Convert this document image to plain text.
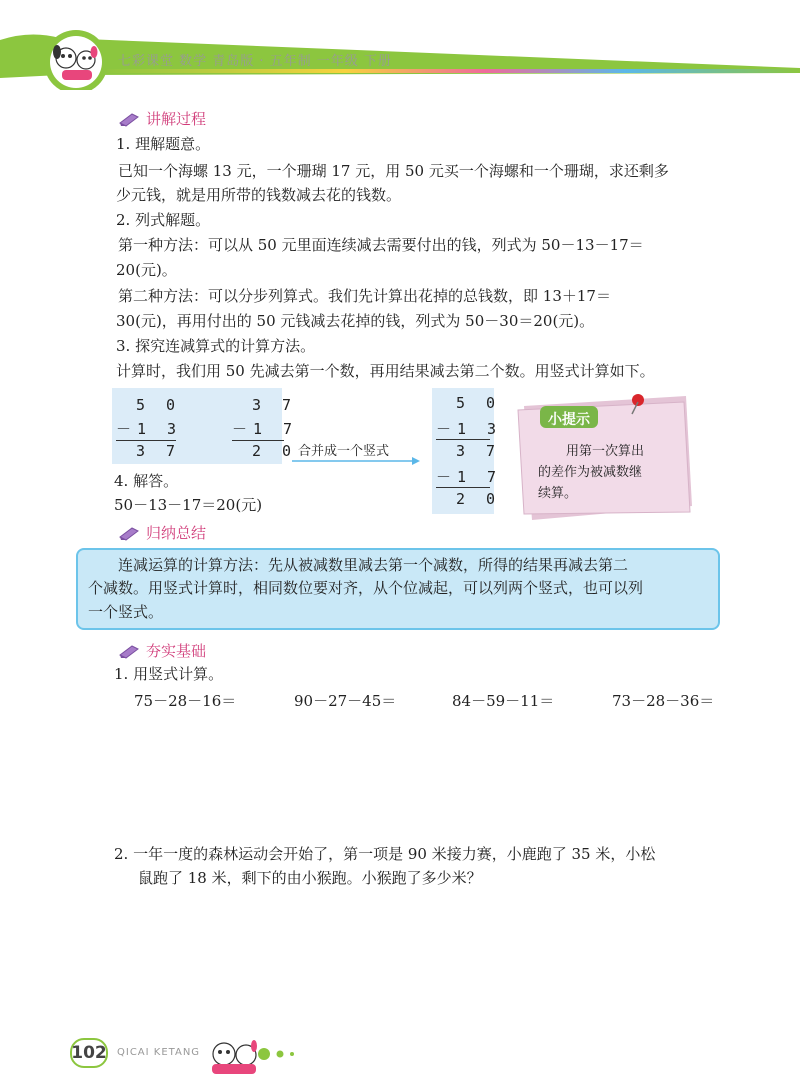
七彩课堂 数学 青岛版 · 五年制 一年级 下册
讲解过程
1. 理解题意。
已知一个海螺 13 元，一个珊瑚 17 元，用 50 元买一个海螺和一个珊瑚，求还剩多
少元钱，就是用所带的钱数减去花的钱数。
2. 列式解题。
第一种方法：可以从 50 元里面连续减去需要付出的钱，列式为 50－13－17＝
20(元)。
第二种方法：可以分步列算式。我们先计算出花掉的总钱数，即 13＋17＝
30(元)，再用付出的 50 元钱减去花掉的钱，列式为 50－30＝20(元)。
3. 探究连减算式的计算方法。
计算时，我们用 50 先减去第一个数，再用结果减去第二个数。用竖式计算如下。
5 0
－1 3
3 7
3 7
－1 7
2 0 合并成一个竖式
5 0
－1 3
3 7
－1 7
2 0
小提示
用第一次算出
的差作为被减数继
续算。
4. 解答。
50－13－17＝20(元)
归纳总结
连减运算的计算方法：先从被减数里减去第一个减数，所得的结果再减去第二
个减数。用竖式计算时，相同数位要对齐，从个位减起，可以列两个竖式，也可以列
一个竖式。
夯实基础
1. 用竖式计算。
75－28－16＝	90－27－45＝	84－59－11＝	73－28－36＝
2. 一年一度的森林运动会开始了，第一项是 90 米接力赛，小鹿跑了 35 米，小松
鼠跑了 18 米，剩下的由小猴跑。小猴跑了多少米？
102 QICAI KETANG
